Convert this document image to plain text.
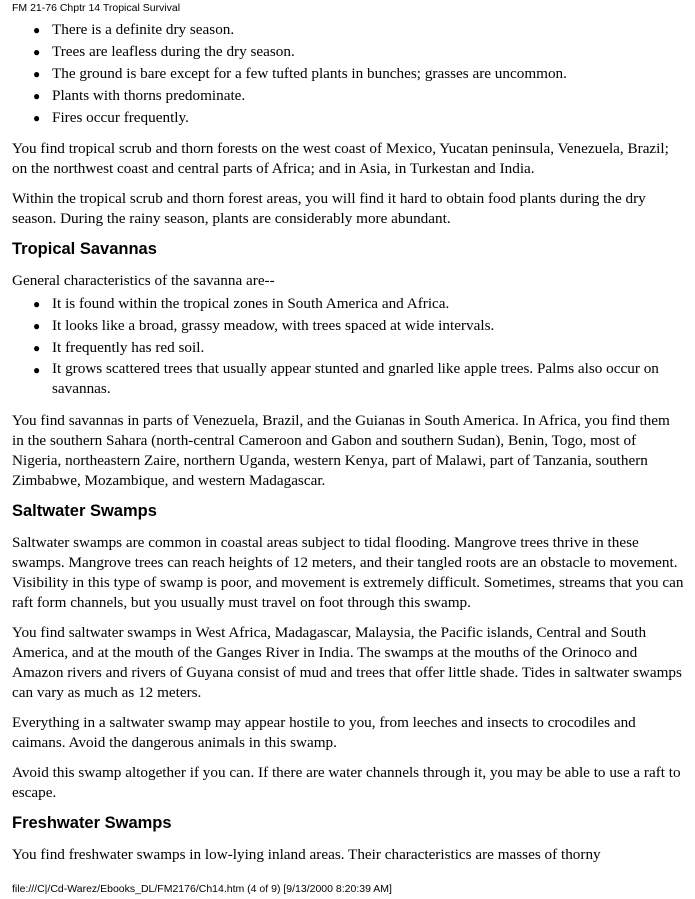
FM 21-76 Chptr 14 Tropical Survival
● There is a definite dry season.
● Trees are leafless during the dry season.
● The ground is bare except for a few tufted plants in bunches; grasses are uncommon.
● Plants with thorns predominate.
● Fires occur frequently.

You find tropical scrub and thorn forests on the west coast of Mexico, Yucatan peninsula, Venezuela, Brazil; on the northwest coast and central parts of Africa; and in Asia, in Turkestan and India.

Within the tropical scrub and thorn forest areas, you will find it hard to obtain food plants during the dry season. During the rainy season, plants are considerably more abundant.

Tropical Savannas

General characteristics of the savanna are--

● It is found within the tropical zones in South America and Africa.
● It looks like a broad, grassy meadow, with trees spaced at wide intervals.
● It frequently has red soil.
● It grows scattered trees that usually appear stunted and gnarled like apple trees. Palms also occur on savannas.

You find savannas in parts of Venezuela, Brazil, and the Guianas in South America. In Africa, you find them in the southern Sahara (north-central Cameroon and Gabon and southern Sudan), Benin, Togo, most of Nigeria, northeastern Zaire, northern Uganda, western Kenya, part of Malawi, part of Tanzania, southern Zimbabwe, Mozambique, and western Madagascar.

Saltwater Swamps

Saltwater swamps are common in coastal areas subject to tidal flooding. Mangrove trees thrive in these swamps. Mangrove trees can reach heights of 12 meters, and their tangled roots are an obstacle to movement. Visibility in this type of swamp is poor, and movement is extremely difficult. Sometimes, streams that you can raft form channels, but you usually must travel on foot through this swamp.

You find saltwater swamps in West Africa, Madagascar, Malaysia, the Pacific islands, Central and South America, and at the mouth of the Ganges River in India. The swamps at the mouths of the Orinoco and Amazon rivers and rivers of Guyana consist of mud and trees that offer little shade. Tides in saltwater swamps can vary as much as 12 meters.

Everything in a saltwater swamp may appear hostile to you, from leeches and insects to crocodiles and caimans. Avoid the dangerous animals in this swamp.

Avoid this swamp altogether if you can. If there are water channels through it, you may be able to use a raft to escape.

Freshwater Swamps

You find freshwater swamps in low-lying inland areas. Their characteristics are masses of thorny

file:///C|/Cd-Warez/Ebooks_DL/FM2176/Ch14.htm (4 of 9) [9/13/2000 8:20:39 AM]
